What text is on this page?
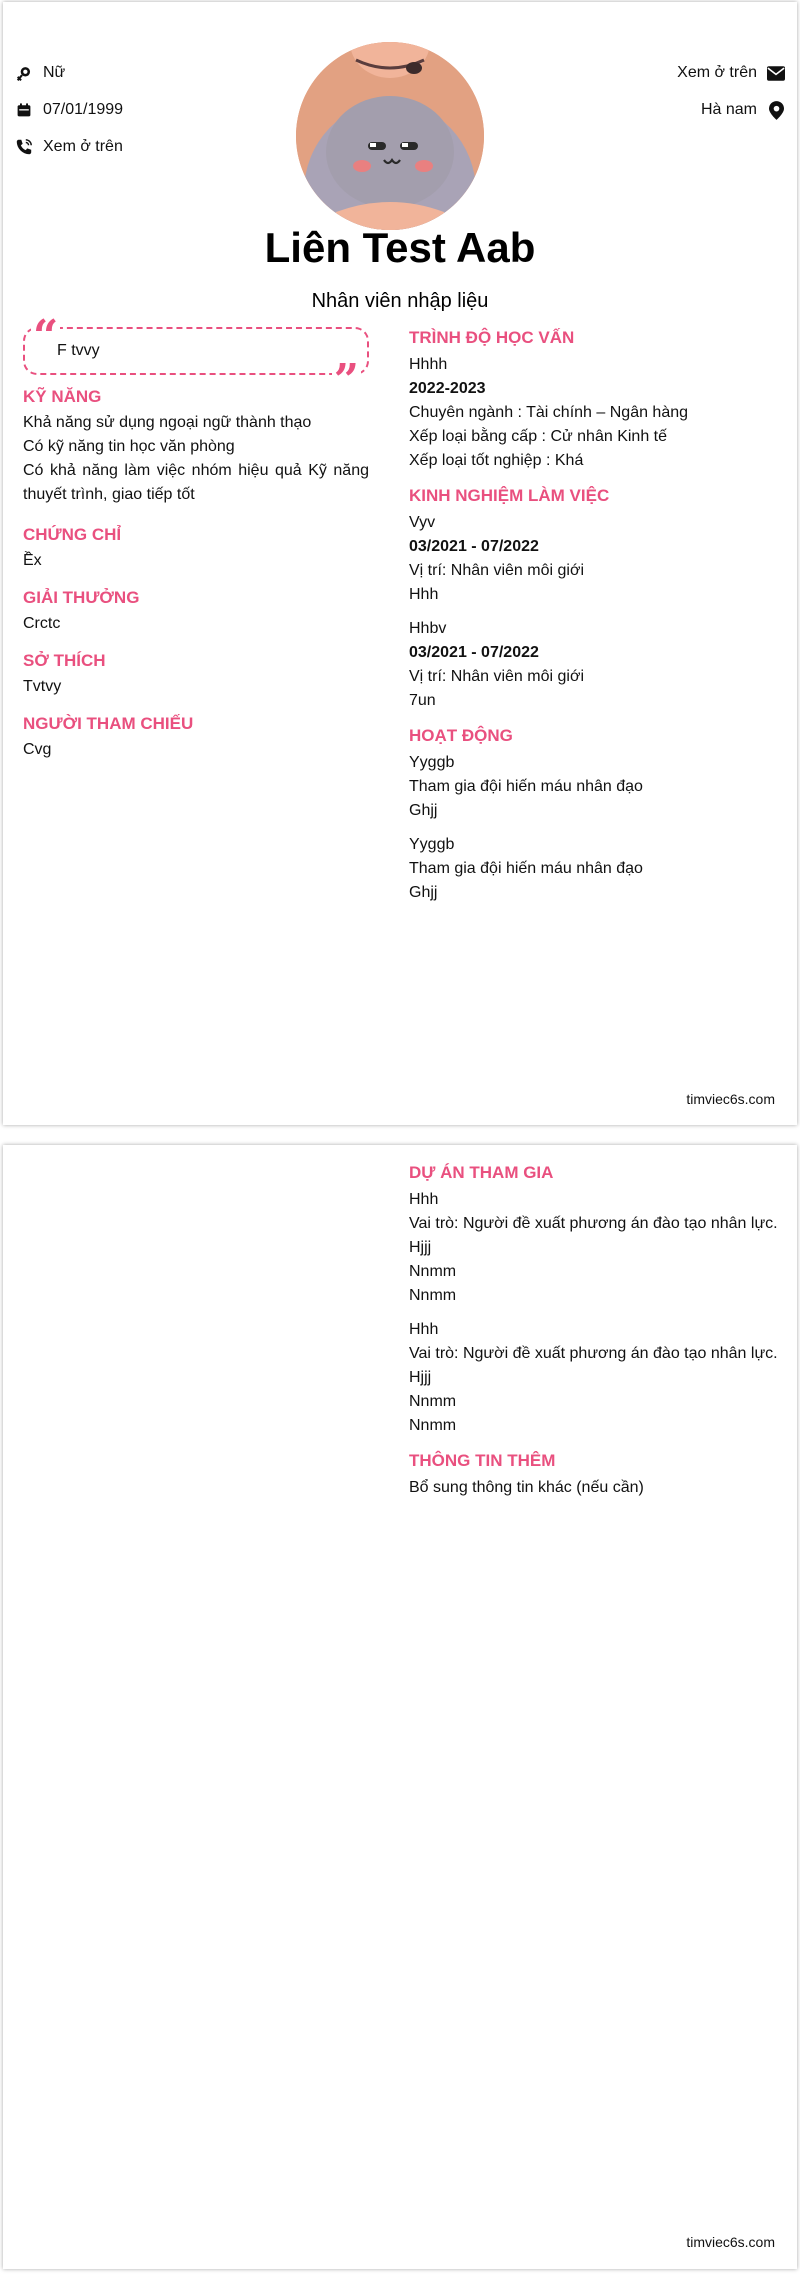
Nữ
07/01/1999
Xem ở trên
Xem ở trên
Hà nam
Liên Test Aab
Nhân viên nhập liệu
“
F tvvy
”
KỸ NĂNG
Khả năng sử dụng ngoại ngữ thành thạo
Có kỹ năng tin học văn phòng
Có khả năng làm việc nhóm hiệu quả Kỹ năng thuyết trình, giao tiếp tốt
CHỨNG CHỈ
Ềx
GIẢI THƯỞNG
Crctc
SỞ THÍCH
Tvtvy
NGƯỜI THAM CHIẾU
Cvg
TRÌNH ĐỘ HỌC VẤN
Hhhh
2022-2023
Chuyên ngành : Tài chính – Ngân hàng
Xếp loại bằng cấp : Cử nhân Kinh tế
Xếp loại tốt nghiệp : Khá
KINH NGHIỆM LÀM VIỆC
Vyv
03/2021 - 07/2022
Vị trí: Nhân viên môi giới
Hhh
Hhbv
03/2021 - 07/2022
Vị trí: Nhân viên môi giới
7un
HOẠT ĐỘNG
Yyggb
Tham gia đội hiến máu nhân đạo
Ghjj
Yyggb
Tham gia đội hiến máu nhân đạo
Ghjj
timviec6s.com
DỰ ÁN THAM GIA
Hhh
Vai trò: Người đề xuất phương án đào tạo nhân lực.
Hjjj
Nnmm
Nnmm
Hhh
Vai trò: Người đề xuất phương án đào tạo nhân lực.
Hjjj
Nnmm
Nnmm
THÔNG TIN THÊM
Bổ sung thông tin khác (nếu cần)
timviec6s.com
